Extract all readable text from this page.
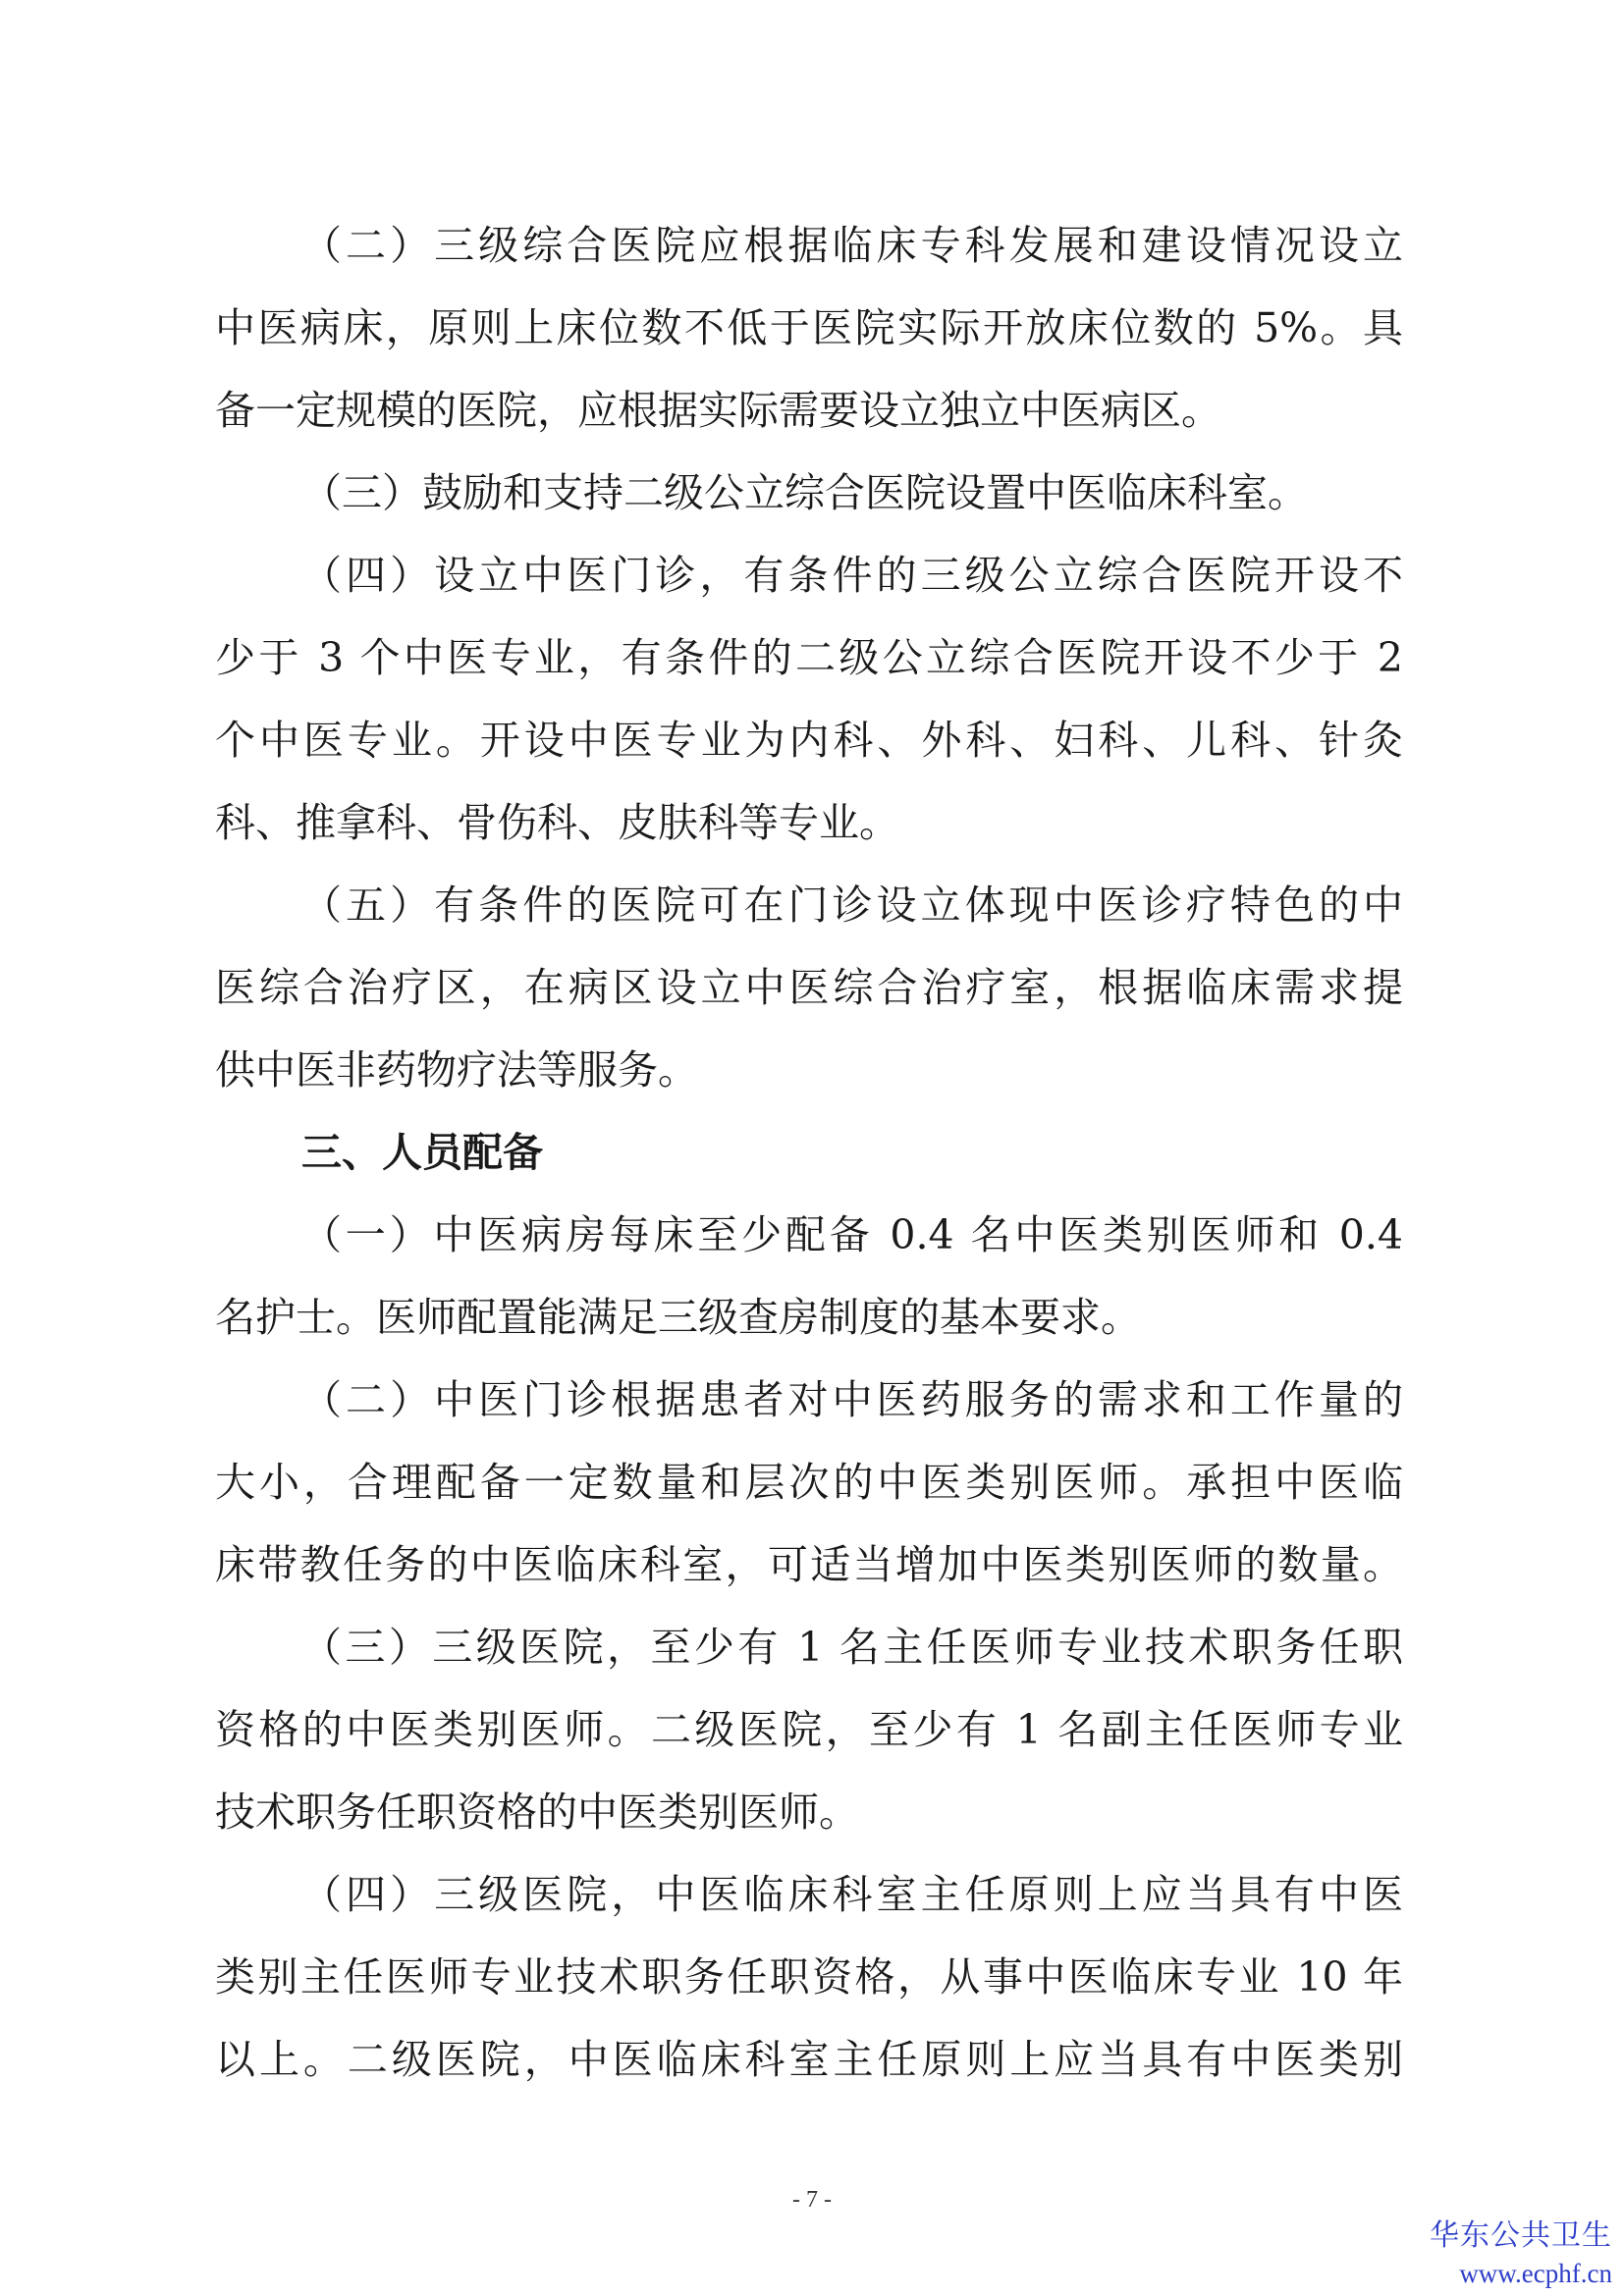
（二）三级综合医院应根据临床专科发展和建设情况设立
中医病床，原则上床位数不低于医院实际开放床位数的 5%。具
备一定规模的医院，应根据实际需要设立独立中医病区。
（三）鼓励和支持二级公立综合医院设置中医临床科室。
（四）设立中医门诊，有条件的三级公立综合医院开设不
少于 3 个中医专业，有条件的二级公立综合医院开设不少于 2
个中医专业。开设中医专业为内科、外科、妇科、儿科、针灸
科、推拿科、骨伤科、皮肤科等专业。
（五）有条件的医院可在门诊设立体现中医诊疗特色的中
医综合治疗区，在病区设立中医综合治疗室，根据临床需求提
供中医非药物疗法等服务。
三、人员配备
（一）中医病房每床至少配备 0.4 名中医类别医师和 0.4
名护士。医师配置能满足三级查房制度的基本要求。
（二）中医门诊根据患者对中医药服务的需求和工作量的
大小，合理配备一定数量和层次的中医类别医师。承担中医临
床带教任务的中医临床科室，可适当增加中医类别医师的数量。
（三）三级医院，至少有 1 名主任医师专业技术职务任职
资格的中医类别医师。二级医院，至少有 1 名副主任医师专业
技术职务任职资格的中医类别医师。
（四）三级医院，中医临床科室主任原则上应当具有中医
类别主任医师专业技术职务任职资格，从事中医临床专业 10 年
以上。二级医院，中医临床科室主任原则上应当具有中医类别
- 7 -
华东公共卫生
www.ecphf.cn
